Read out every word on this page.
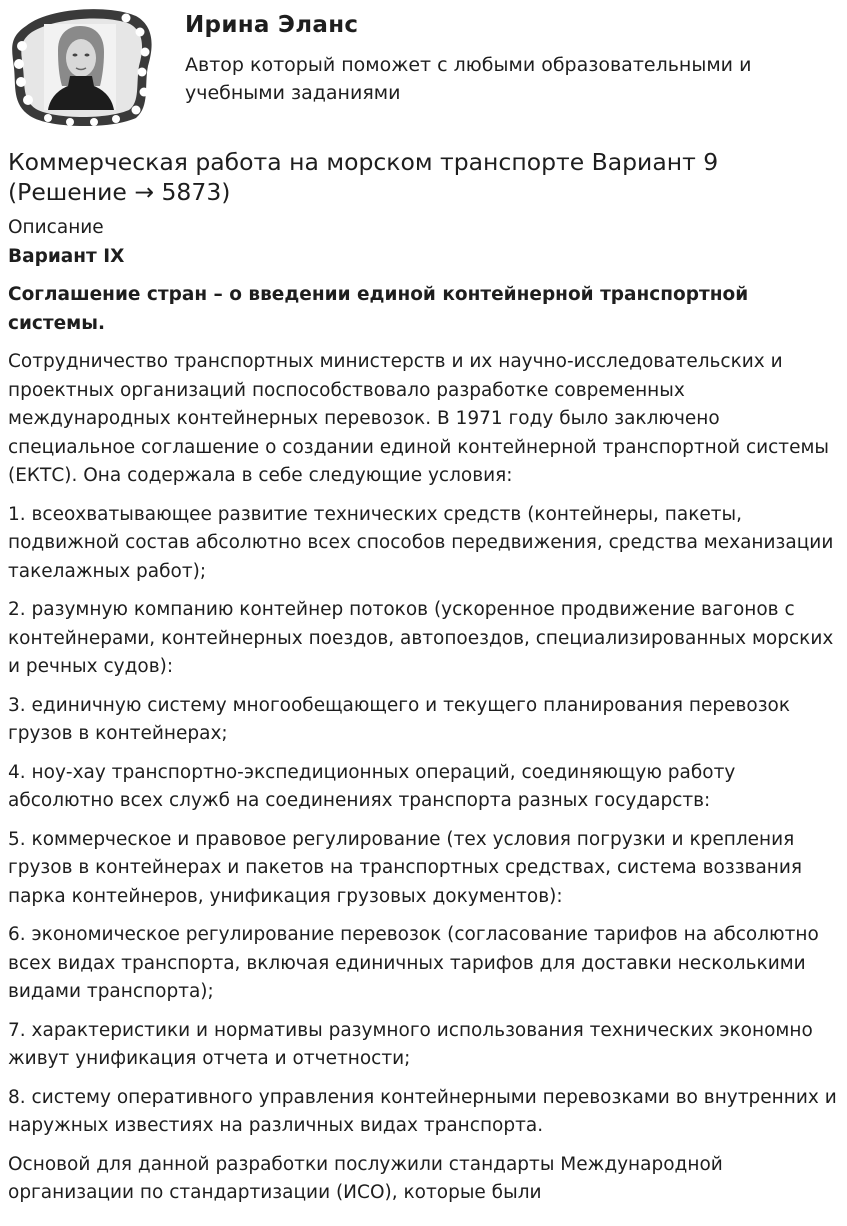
Ирина Эланс
Автор который поможет с любыми образовательными и учебными заданиями
Коммерческая работа на морском транспорте Вариант 9 (Решение → 5873)

Описание

Вариант IX

Соглашение стран – о введении единой контейнерной транспортной системы.

Сотрудничество транспортных министерств и их научно-исследовательских и проектных организаций поспособствовало разработке современных международных контейнерных перевозок. В 1971 году было заключено специальное соглашение о создании единой контейнерной транспортной системы (ЕКТС). Она содержала в себе следующие условия:

1. всеохватывающее развитие технических средств (контейнеры, пакеты, подвижной состав абсолютно всех способов передвижения, средства механизации такелажных работ);

2. разумную компанию контейнер потоков (ускоренное продвижение вагонов с контейнерами, контейнерных поездов, автопоездов, специализированных морских и речных судов):

3. единичную систему многообещающего и текущего планирования перевозок грузов в контейнерах;

4. ноу-хау транспортно-экспедиционных операций, соединяющую работу абсолютно всех служб на соединениях транспорта разных государств:

5. коммерческое и правовое регулирование (тех условия погрузки и крепления грузов в контейнерах и пакетов на транспортных средствах, система воззвания парка контейнеров, унификация грузовых документов):

6. экономическое регулирование перевозок (согласование тарифов на абсолютно всех видах транспорта, включая единичных тарифов для доставки несколькими видами транспорта);

7. характеристики и нормативы разумного использования технических экономно живут унификация отчета и отчетности;

8. систему оперативного управления контейнерными перевозками во внутренних и наружных известиях на различных видах транспорта.

Основой для данной разработки послужили стандарты Международной организации по стандартизации (ИСО), которые были
